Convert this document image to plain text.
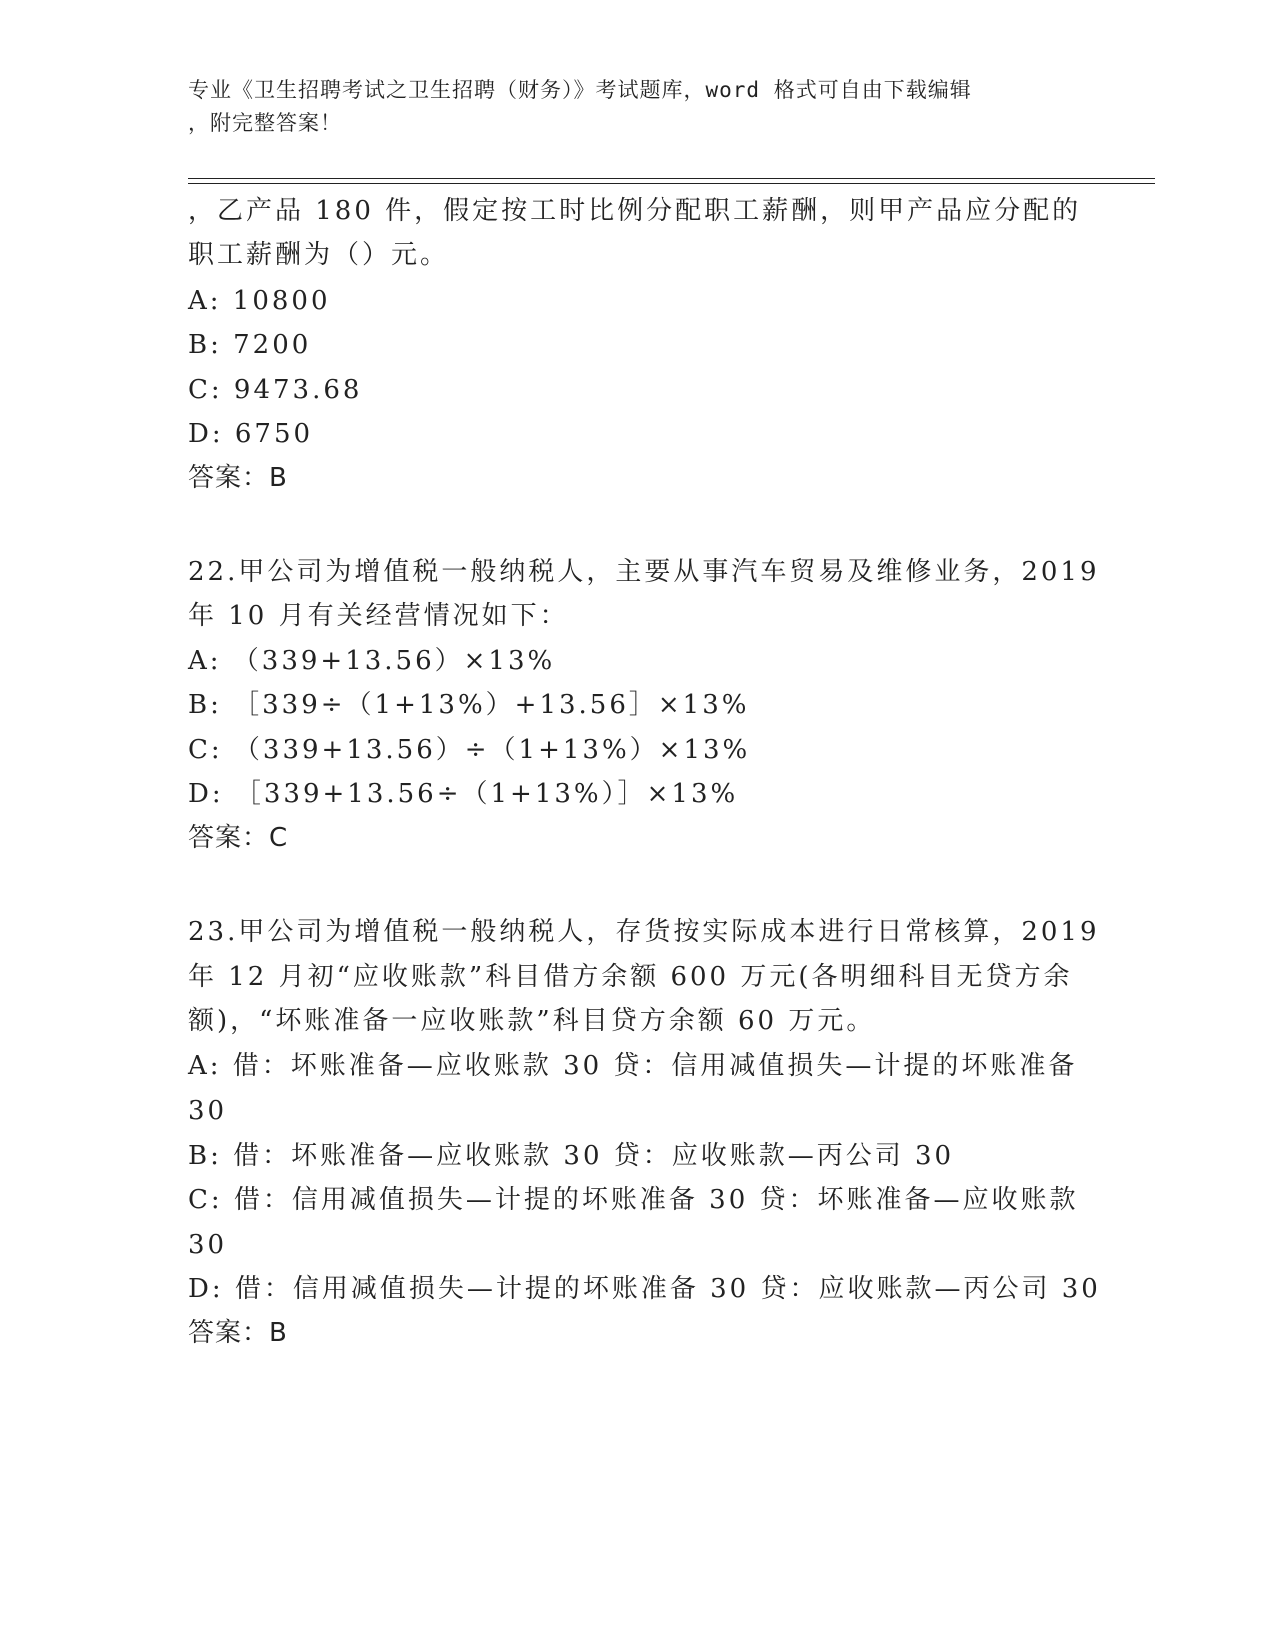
专业《卫生招聘考试之卫生招聘（财务）》考试题库，word 格式可自由下载编辑
，附完整答案！
，乙产品 180 件，假定按工时比例分配职工薪酬，则甲产品应分配的
职工薪酬为（）元。
A: 10800
B: 7200
C: 9473.68
D: 6750
答案：B
22.甲公司为增值税一般纳税人，主要从事汽车贸易及维修业务，2019
年 10 月有关经营情况如下：
A: （339+13.56）×13%
B: ［339÷（1+13%）+13.56］×13%
C: （339+13.56）÷（1+13%）×13%
D: ［339+13.56÷（1+13%）］×13%
答案：C
23.甲公司为增值税一般纳税人，存货按实际成本进行日常核算，2019
年 12 月初“应收账款”科目借方余额 600 万元(各明细科目无贷方余
额)，“坏账准备一应收账款”科目贷方余额 60 万元。
A: 借：坏账准备—应收账款 30 贷：信用减值损失—计提的坏账准备
30
B: 借：坏账准备—应收账款 30 贷：应收账款—丙公司 30
C: 借：信用减值损失—计提的坏账准备 30 贷：坏账准备—应收账款
30
D: 借：信用减值损失—计提的坏账准备 30 贷：应收账款—丙公司 30
答案：B
